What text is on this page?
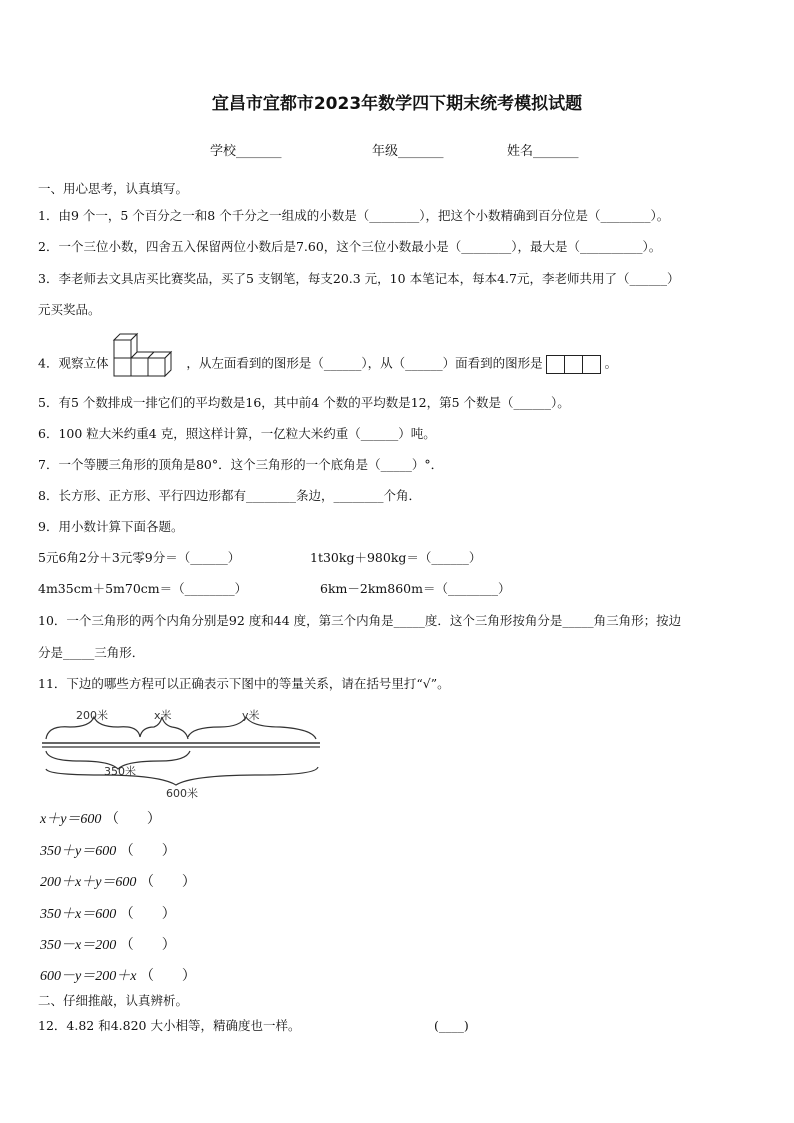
宜昌市宜都市2023年数学四下期末统考模拟试题
学校_______	年级_______	姓名_______
一、用心思考，认真填写。
1．由9 个一，5 个百分之一和8 个千分之一组成的小数是（________），把这个小数精确到百分位是（________）。
2．一个三位小数，四舍五入保留两位小数后是7.60，这个三位小数最小是（________），最大是（__________）。
3．李老师去文具店买比赛奖品，买了5 支钢笔，每支20.3 元，10 本笔记本，每本4.7元，李老师共用了（______）
元买奖品。
4．观察立体	，从左面看到的图形是（______），从（______）面看到的图形是	。
5．有5 个数排成一排它们的平均数是16，其中前4 个数的平均数是12，第5 个数是（______）。
6．100 粒大米约重4 克，照这样计算，一亿粒大米约重（______）吨。
7．一个等腰三角形的顶角是80°．这个三角形的一个底角是（_____）°．
8．长方形、正方形、平行四边形都有________条边，________个角．
9．用小数计算下面各题。
5元6角2分＋3元零9分＝（______）	1t30kg＋980kg＝（______）
4m35cm＋5m70cm＝（________）	6km－2km860m＝（________）
10．一个三角形的两个内角分别是92 度和44 度，第三个内角是_____度．这个三角形按角分是_____角三角形；按边
分是_____三角形．
11．下边的哪些方程可以正确表示下图中的等量关系，请在括号里打“√”。
200米	x米	y米
350米
600米
x＋y＝600 （　　）
350＋y＝600 （　　）
200＋x＋y＝600 （　　）
350＋x＝600 （　　）
350－x＝200 （　　）
600－y＝200＋x （　　）
二、仔细推敲，认真辨析。
12．4.82 和4.820 大小相等，精确度也一样。	(____)
